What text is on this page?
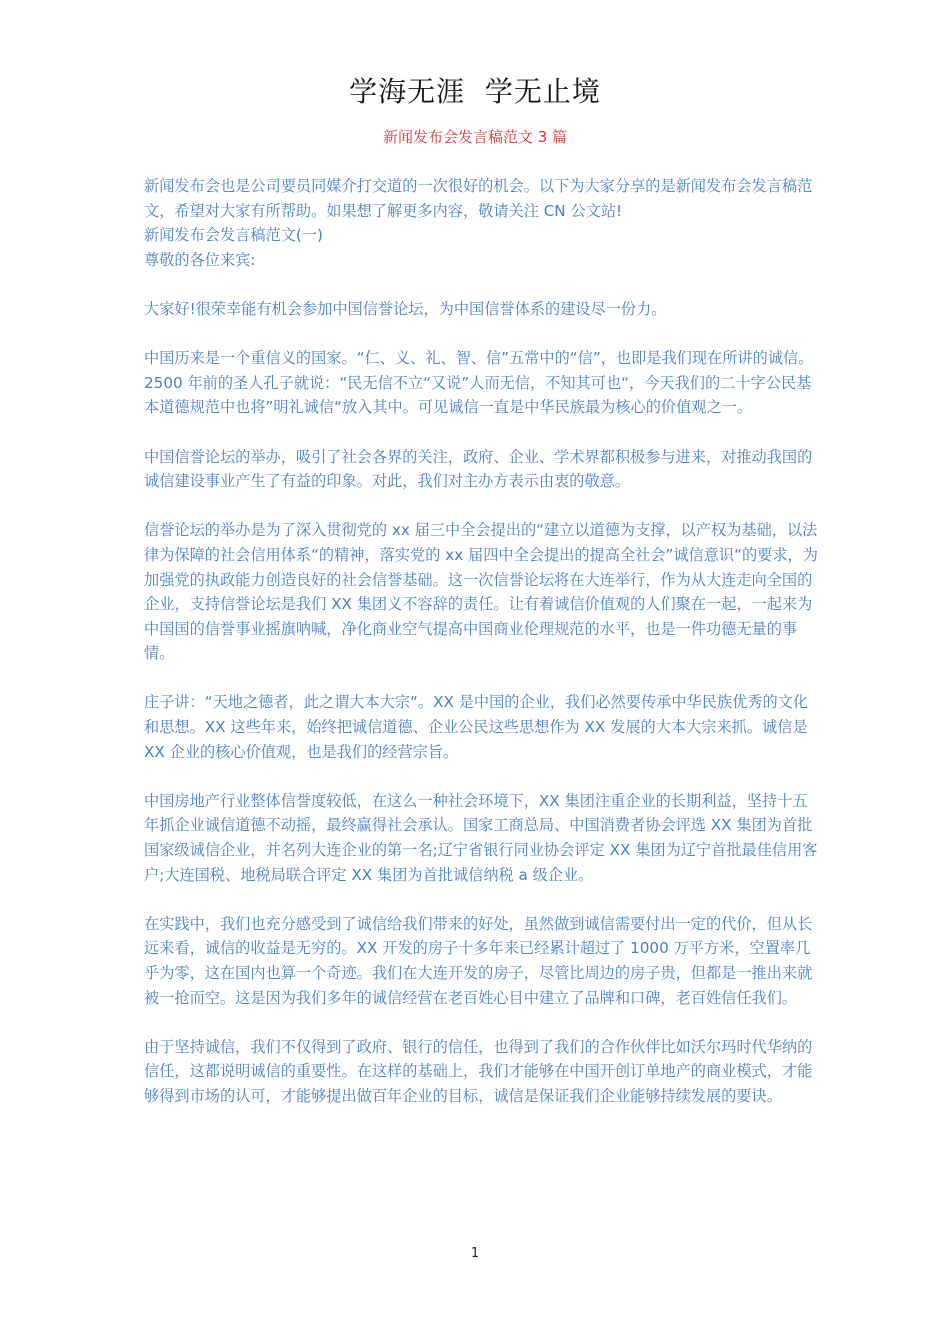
学海无涯  学无止境
新闻发布会发言稿范文 3 篇

新闻发布会也是公司要员同媒介打交道的一次很好的机会。以下为大家分享的是新闻发布会发言稿范文，希望对大家有所帮助。如果想了解更多内容，敬请关注 CN 公文站!

新闻发布会发言稿范文(一)

尊敬的各位来宾:

大家好!很荣幸能有机会参加中国信誉论坛，为中国信誉体系的建设尽一份力。

中国历来是一个重信义的国家。“仁、义、礼、智、信”五常中的“信”，也即是我们现在所讲的诚信。2500 年前的圣人孔子就说：“民无信不立“又说”人而无信，不知其可也“，今天我们的二十字公民基本道德规范中也将”明礼诚信“放入其中。可见诚信一直是中华民族最为核心的价值观之一。

中国信誉论坛的举办，吸引了社会各界的关注，政府、企业、学术界都积极参与进来，对推动我国的诚信建设事业产生了有益的印象。对此，我们对主办方表示由衷的敬意。

信誉论坛的举办是为了深入贯彻党的 xx 届三中全会提出的“建立以道德为支撑，以产权为基础，以法律为保障的社会信用体系“的精神，落实党的 xx 届四中全会提出的提高全社会”诚信意识“的要求，为加强党的执政能力创造良好的社会信誉基础。这一次信誉论坛将在大连举行，作为从大连走向全国的企业，支持信誉论坛是我们 XX 集团义不容辞的责任。让有着诚信价值观的人们聚在一起，一起来为中国国的信誉事业摇旗呐喊，净化商业空气提高中国商业伦理规范的水平，也是一件功德无量的事情。

庄子讲：“天地之德者，此之谓大本大宗“。XX 是中国的企业，我们必然要传承中华民族优秀的文化和思想。XX 这些年来，始终把诚信道德、企业公民这些思想作为 XX 发展的大本大宗来抓。诚信是 XX 企业的核心价值观，也是我们的经营宗旨。

中国房地产行业整体信誉度较低，在这么一种社会环境下，XX 集团注重企业的长期利益，坚持十五年抓企业诚信道德不动摇，最终赢得社会承认。国家工商总局、中国消费者协会评选 XX 集团为首批国家级诚信企业，并名列大连企业的第一名;辽宁省银行同业协会评定 XX 集团为辽宁首批最佳信用客户;大连国税、地税局联合评定 XX 集团为首批诚信纳税 a 级企业。

在实践中，我们也充分感受到了诚信给我们带来的好处，虽然做到诚信需要付出一定的代价，但从长远来看，诚信的收益是无穷的。XX 开发的房子十多年来已经累计超过了 1000 万平方米，空置率几乎为零，这在国内也算一个奇迹。我们在大连开发的房子，尽管比周边的房子贵，但都是一推出来就被一抢而空。这是因为我们多年的诚信经营在老百姓心目中建立了品牌和口碑，老百姓信任我们。

由于坚持诚信，我们不仅得到了政府、银行的信任，也得到了我们的合作伙伴比如沃尔玛时代华纳的信任，这都说明诚信的重要性。在这样的基础上，我们才能够在中国开创订单地产的商业模式，才能够得到市场的认可，才能够提出做百年企业的目标，诚信是保证我们企业能够持续发展的要诀。

1
